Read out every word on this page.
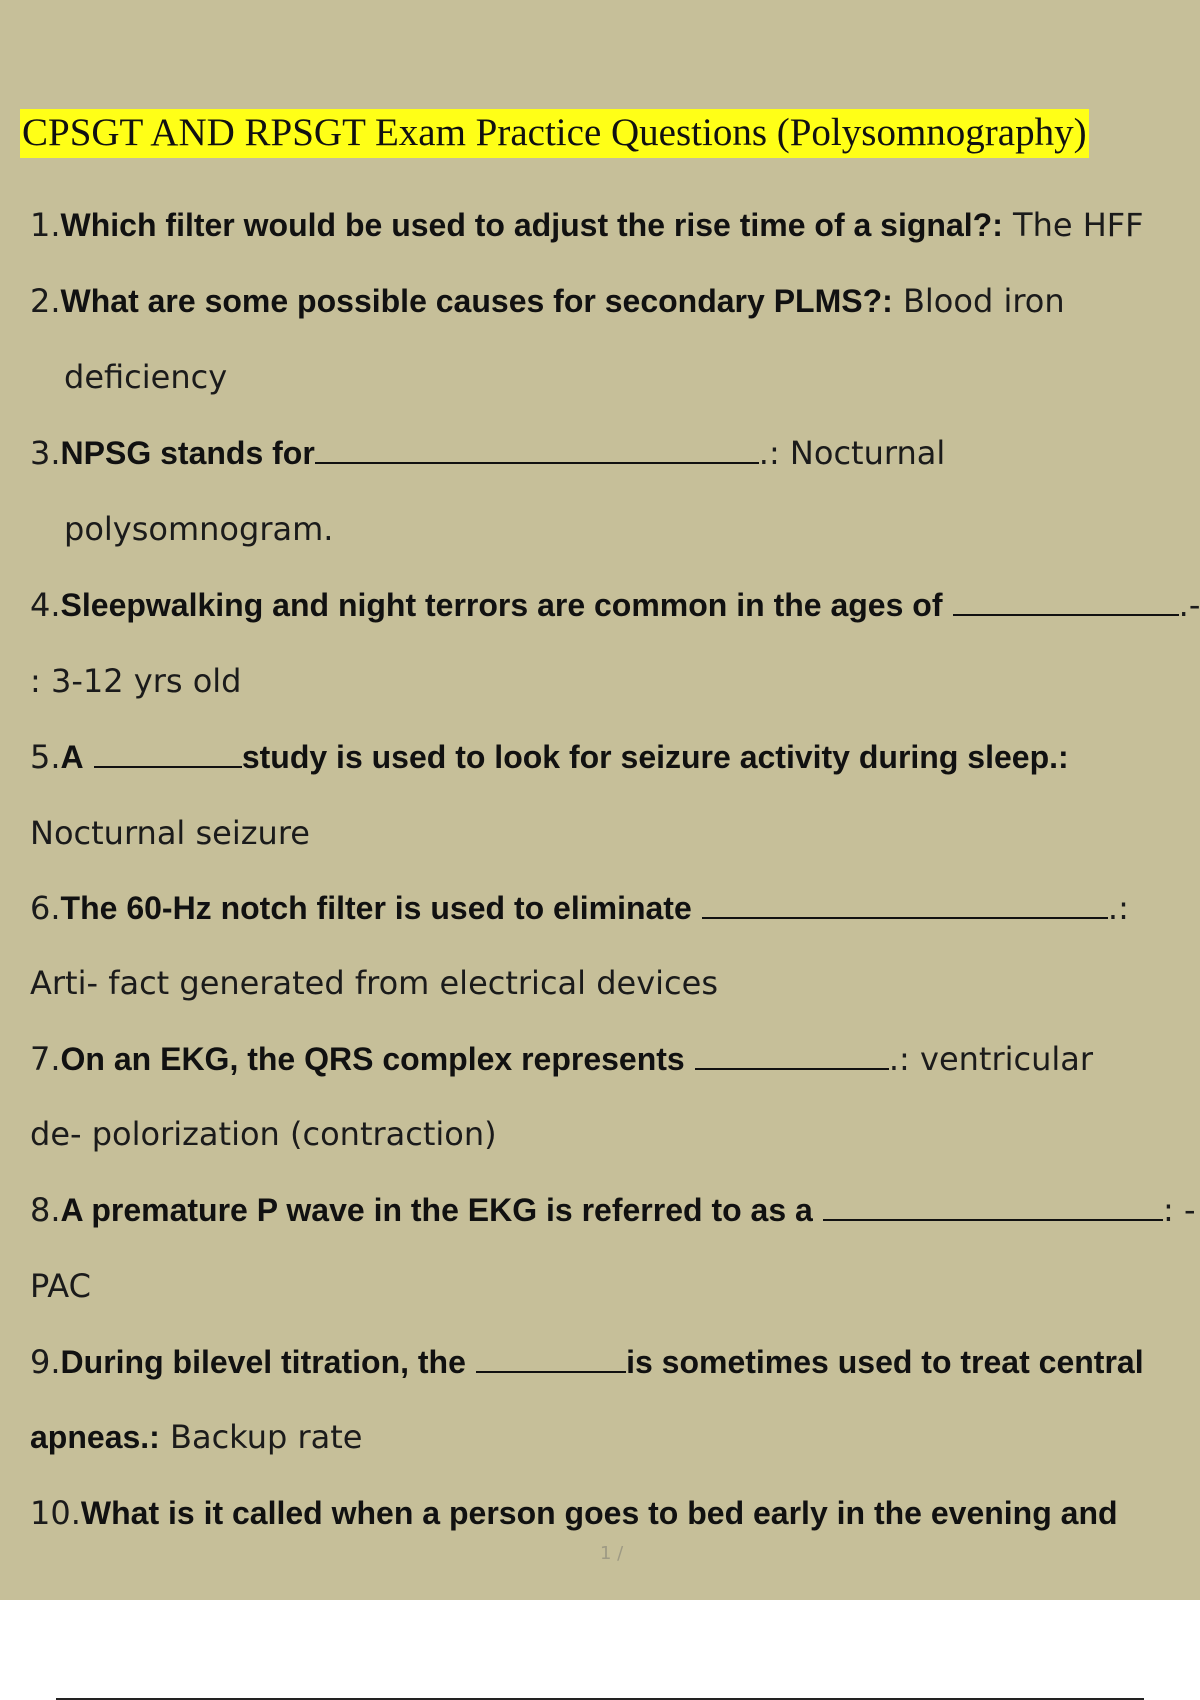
CPSGT AND RPSGT Exam Practice Questions (Polysomnography)
1.Which filter would be used to adjust the rise time of a signal?: The HFF
2.What are some possible causes for secondary PLMS?: Blood iron
deficiency
3.NPSG stands for	.: Nocturnal
polysomnogram.
4.Sleepwalking and night terrors are common in the ages of	.-
: 3-12 yrs old
5.A	study is used to look for seizure activity during sleep.:
Nocturnal seizure
6.The 60-Hz notch filter is used to eliminate	.:
Arti- fact generated from electrical devices
7.On an EKG, the QRS complex represents	.: ventricular
de- polorization (contraction)
8.A premature P wave in the EKG is referred to as a	: -
PAC
9.During bilevel titration, the	is sometimes used to treat central
apneas.: Backup rate
10.What is it called when a person goes to bed early in the evening and
1 /
